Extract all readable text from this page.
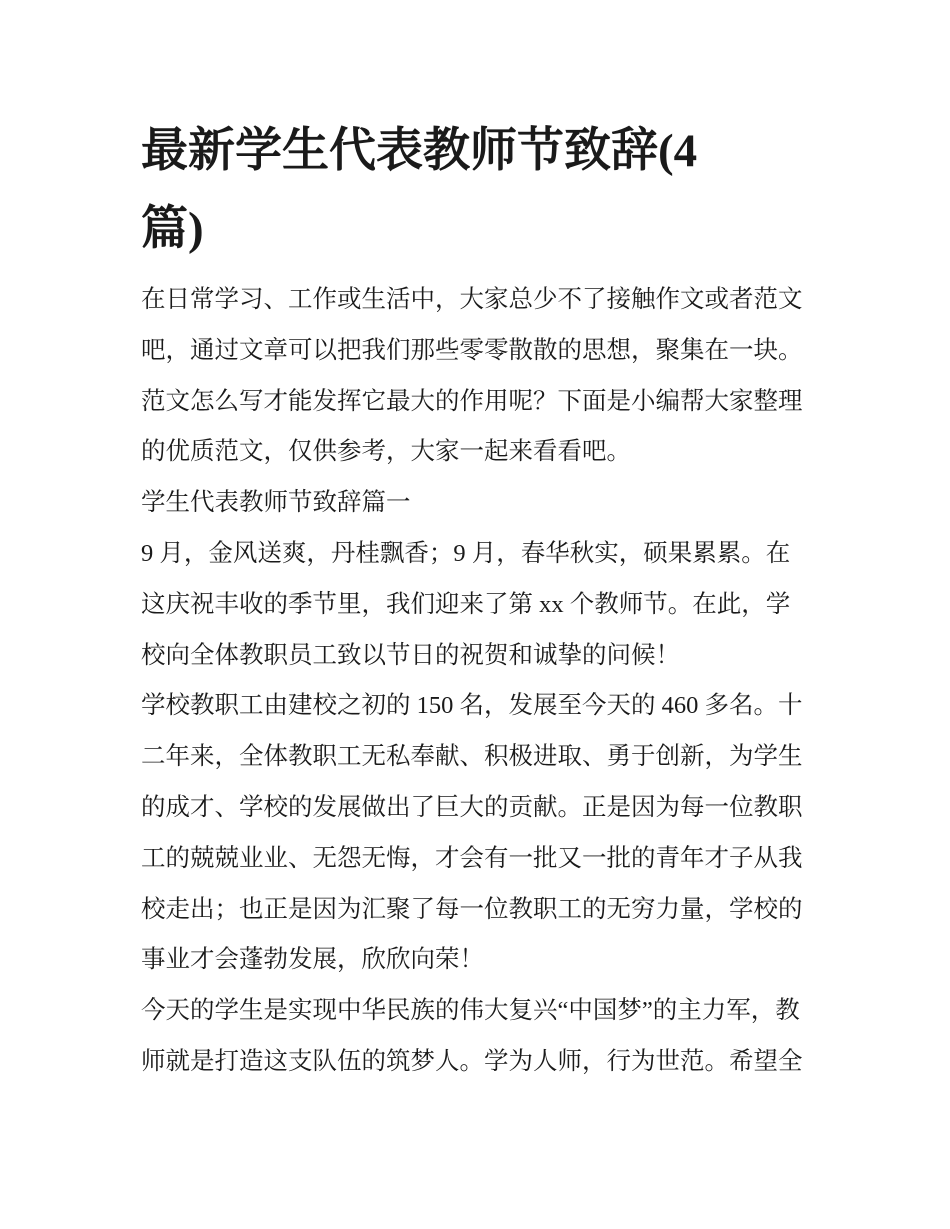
最新学生代表教师节致辞(4
篇)
在日常学习、工作或生活中，大家总少不了接触作文或者范文
吧，通过文章可以把我们那些零零散散的思想，聚集在一块。
范文怎么写才能发挥它最大的作用呢？下面是小编帮大家整理
的优质范文，仅供参考，大家一起来看看吧。
学生代表教师节致辞篇一
9 月，金风送爽，丹桂飘香；9 月，春华秋实，硕果累累。在
这庆祝丰收的季节里，我们迎来了第 xx 个教师节。在此，学
校向全体教职员工致以节日的祝贺和诚挚的问候！
学校教职工由建校之初的 150 名，发展至今天的 460 多名。十
二年来，全体教职工无私奉献、积极进取、勇于创新，为学生
的成才、学校的发展做出了巨大的贡献。正是因为每一位教职
工的兢兢业业、无怨无悔，才会有一批又一批的青年才子从我
校走出；也正是因为汇聚了每一位教职工的无穷力量，学校的
事业才会蓬勃发展，欣欣向荣！
今天的学生是实现中华民族的伟大复兴“中国梦”的主力军，教
师就是打造这支队伍的筑梦人。学为人师，行为世范。希望全
